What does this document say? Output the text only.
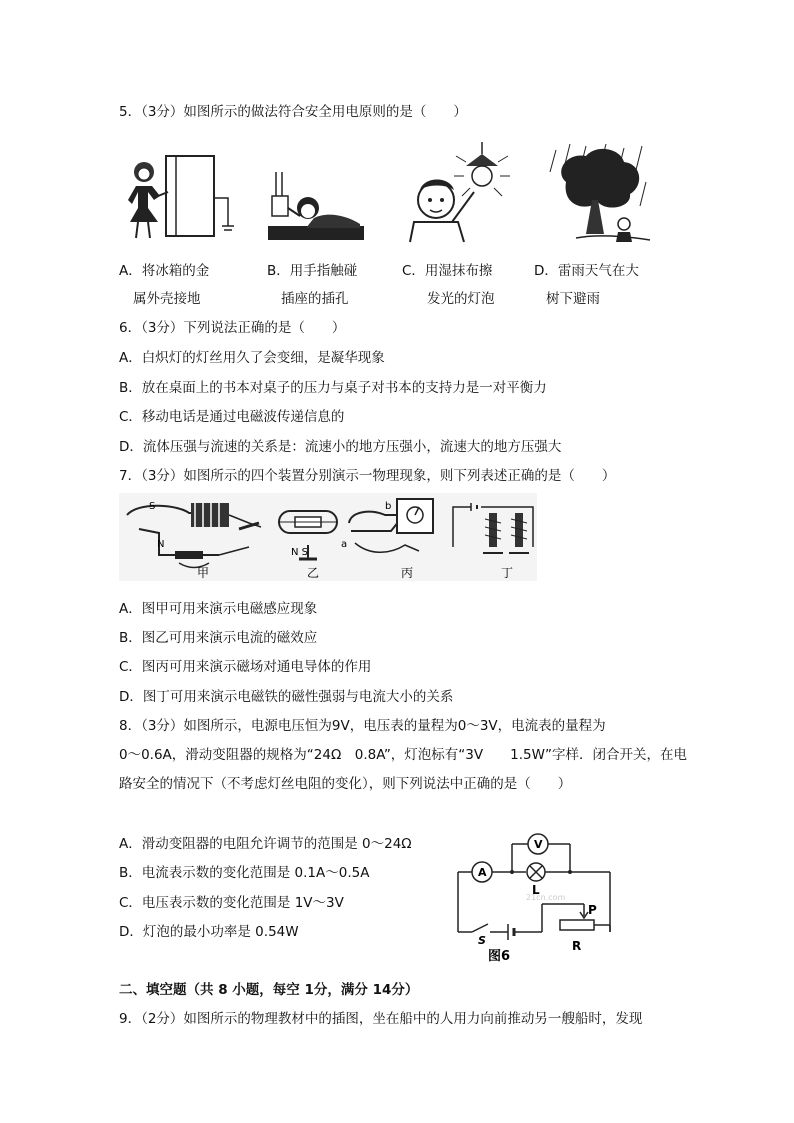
5．（3分）如图所示的做法符合安全用电原则的是（　　）
A．将冰箱的金
属外壳接地
B．用手指触碰
插座的插孔
C．用湿抹布擦
发光的灯泡
D．雷雨天气在大
树下避雨
6．（3分）下列说法正确的是（　　）
A．白炽灯的灯丝用久了会变细，是凝华现象
B．放在桌面上的书本对桌子的压力与桌子对书本的支持力是一对平衡力
C．移动电话是通过电磁波传递信息的
D．流体压强与流速的关系是：流速小的地方压强小，流速大的地方压强大
7．（3分）如图所示的四个装置分别演示一物理现象，则下列表述正确的是（　　）
S
N
N S
a
b
甲	乙	丙	丁
A．图甲可用来演示电磁感应现象
B．图乙可用来演示电流的磁效应
C．图丙可用来演示磁场对通电导体的作用
D．图丁可用来演示电磁铁的磁性强弱与电流大小的关系
8．（3分）如图所示，电源电压恒为9V，电压表的量程为0～3V，电流表的量程为
0～0.6A，滑动变阻器的规格为“24Ω　0.8A”，灯泡标有“3V　　1.5W”字样．闭合开关，在电
路安全的情况下（不考虑灯丝电阻的变化），则下列说法中正确的是（　　）
A．滑动变阻器的电阻允许调节的范围是 0～24Ω
B．电流表示数的变化范围是 0.1A～0.5A
C．电压表示数的变化范围是 1V～3V
D．灯泡的最小功率是 0.54W
A
L
V
P
S	R
图6
21cn.com
二、填空题（共 8 小题，每空 1分，满分 14分）
9．（2分）如图所示的物理教材中的插图，坐在船中的人用力向前推动另一艘船时，发现
